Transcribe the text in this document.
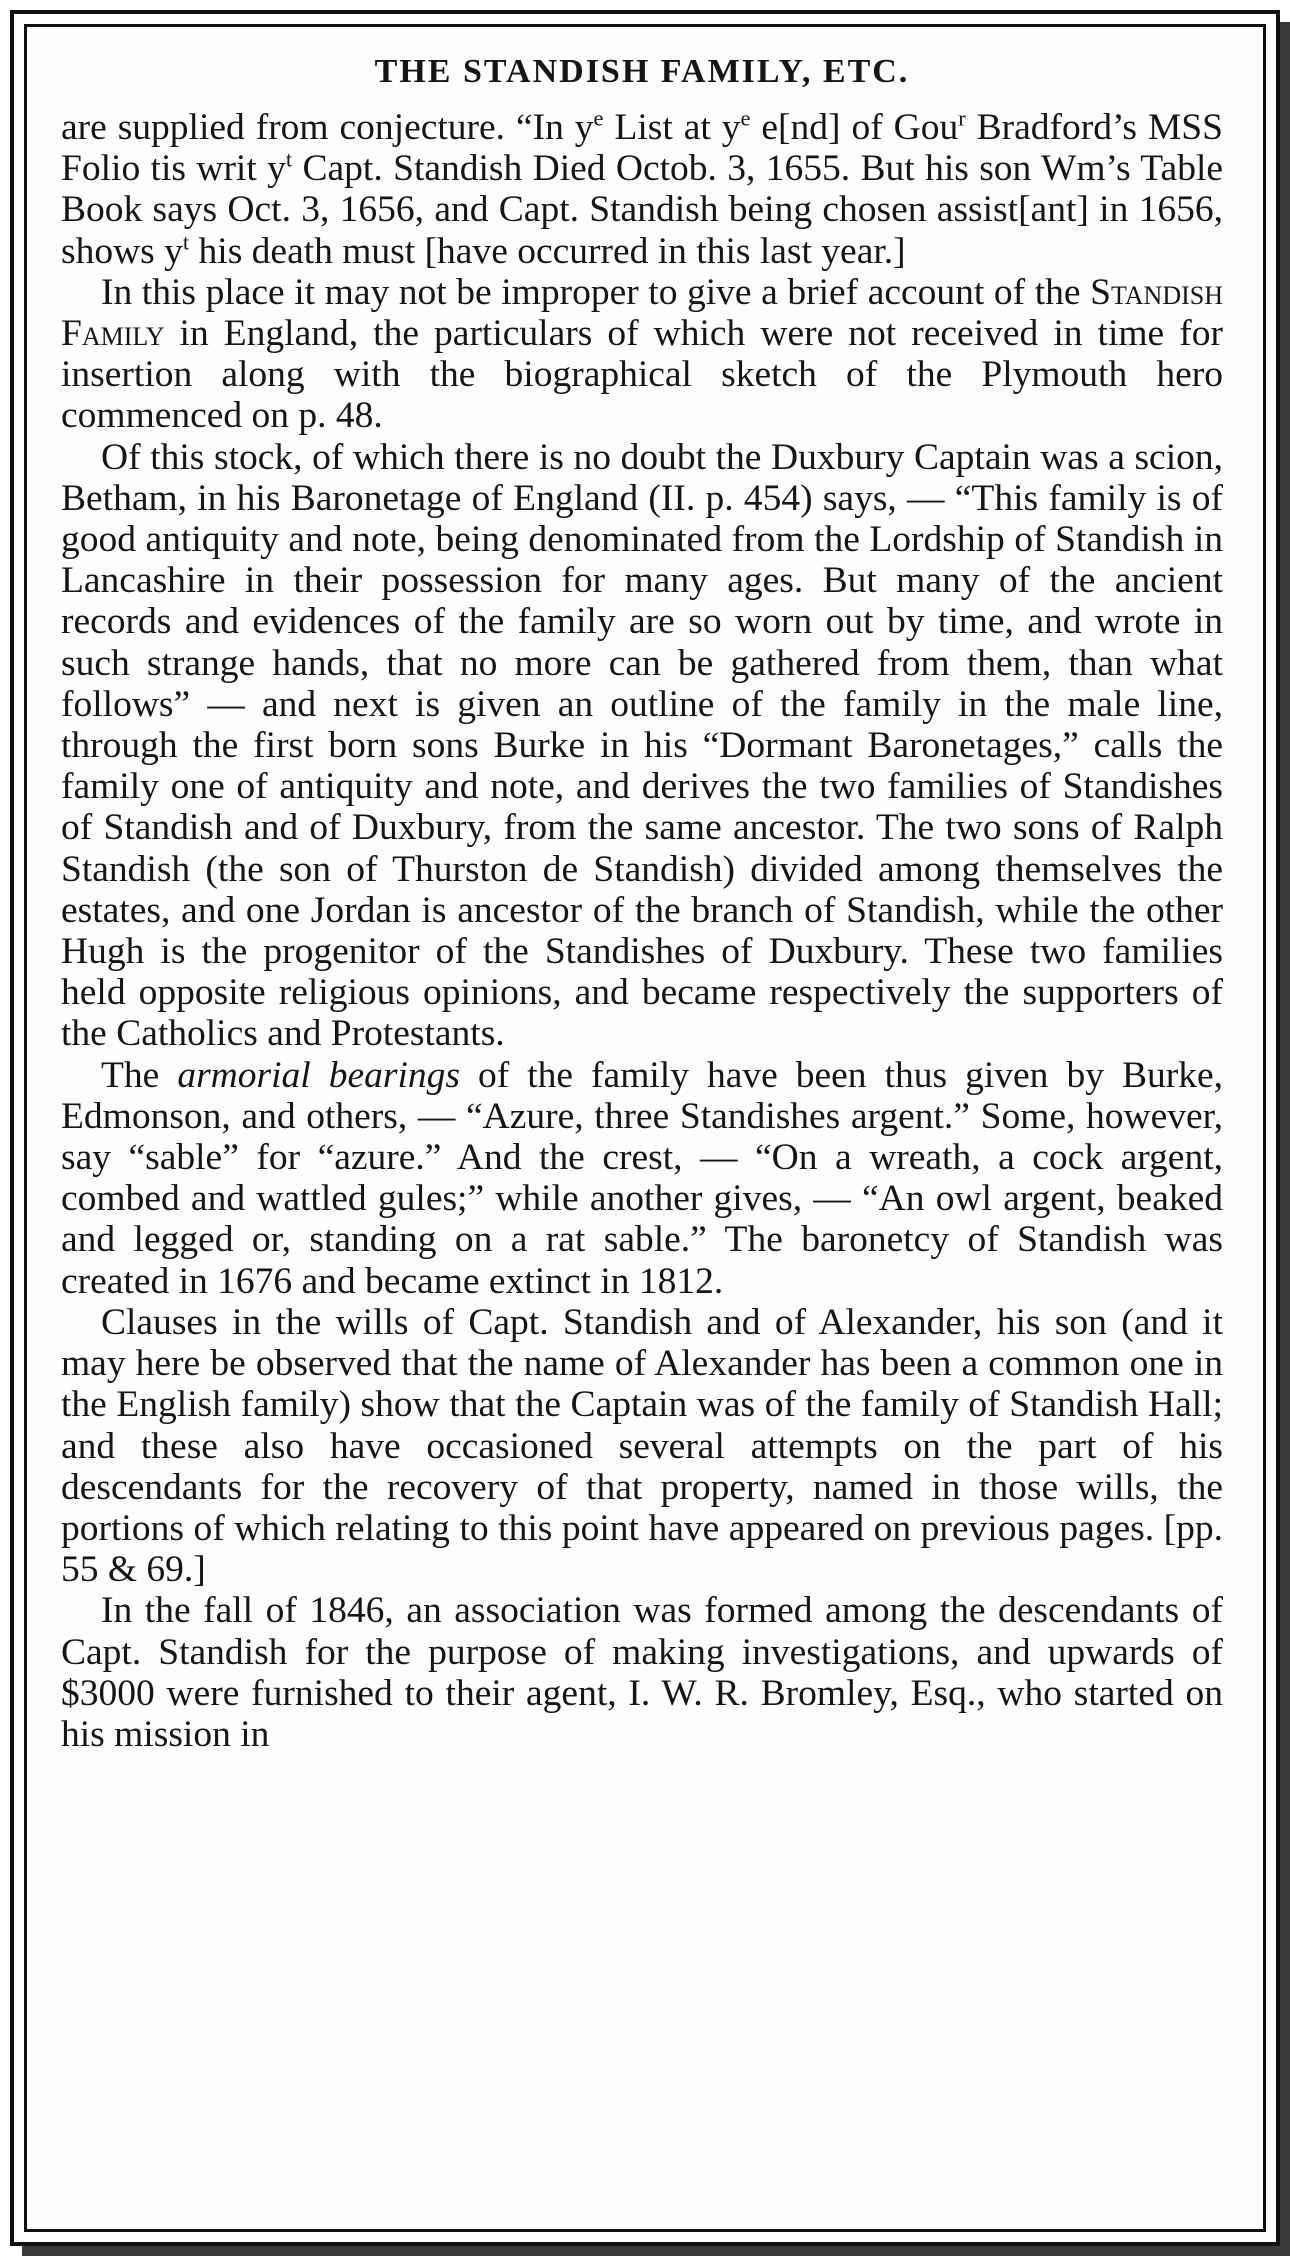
THE STANDISH FAMILY, ETC.

are supplied from conjecture. “In $y^e$ List at $y^e$ e[nd] of Gou$^r$ Bradford’s MSS Folio tis writ $y^t$ Capt. Standish Died Octob. 3, 1655. But his son Wm’s Table Book says Oct. 3, 1656, and Capt. Standish being chosen assist[ant] in 1656, shows $y^t$ his death must [have occurred in this last year.]

In this place it may not be improper to give a brief account of the Standish Family in England, the particulars of which were not received in time for insertion along with the biographical sketch of the Plymouth hero commenced on p. 48.

Of this stock, of which there is no doubt the Duxbury Captain was a scion, Betham, in his Baronetage of England (II. p. 454) says, — “This family is of good antiquity and note, being denominated from the Lordship of Standish in Lancashire in their possession for many ages. But many of the ancient records and evidences of the family are so worn out by time, and wrote in such strange hands, that no more can be gathered from them, than what follows” — and next is given an outline of the family in the male line, through the first born sons Burke in his “Dormant Baronetages,” calls the family one of antiquity and note, and derives the two families of Standishes of Standish and of Duxbury, from the same ancestor. The two sons of Ralph Standish (the son of Thurston de Standish) divided among themselves the estates, and one Jordan is ancestor of the branch of Standish, while the other Hugh is the progenitor of the Standishes of Duxbury. These two families held opposite religious opinions, and became respectively the supporters of the Catholics and Protestants.

The armorial bearings of the family have been thus given by Burke, Edmonson, and others, — “Azure, three Standishes argent.” Some, however, say “sable” for “azure.” And the crest, — “On a wreath, a cock argent, combed and wattled gules;” while another gives, — “An owl argent, beaked and legged or, standing on a rat sable.” The baronetcy of Standish was created in 1676 and became extinct in 1812.

Clauses in the wills of Capt. Standish and of Alexander, his son (and it may here be observed that the name of Alexander has been a common one in the English family) show that the Captain was of the family of Standish Hall; and these also have occasioned several attempts on the part of his descendants for the recovery of that property, named in those wills, the portions of which relating to this point have appeared on previous pages. [pp. 55 & 69.]

In the fall of 1846, an association was formed among the descendants of Capt. Standish for the purpose of making investigations, and upwards of $3000 were furnished to their agent, I. W. R. Bromley, Esq., who started on his mission in
